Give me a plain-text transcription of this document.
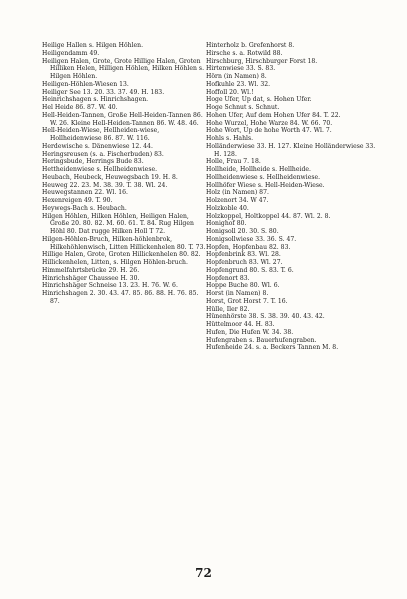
Heilige Hallen s. Hilgen Höhlen.
Heiligendamm 49.
Heiligen Halen, Grote, Grote Hillige Halen, Groten Hilliken Helen, Hilligen Höhlen, Hilken Höhlen s. Hilgen Höhlen.
Heiligen-Höhlen-Wiesen 13.
Heiliger See 13. 20. 33. 37. 49. H. 183.
Heinrichshagen s. Hinrichshagen.
Hel Heide 86. 87. W. 40.
Hell-Heiden-Tannen, Große Hell-Heiden-Tannen 86. W. 26. Kleine Hell-Heiden-Tannen 86. W. 48. 46.
Hell-Heiden-Wiese, Hellheiden-wiese, Hollheidenwiese 86. 87. W. 116.
Herdewische s. Dänenwiese 12. 44.
Heringsreusen (s. a. Fischerbuden) 83.
Heringsbude, Herrings Bude 83.
Hettheidenwiese s. Hellheidenwiese.
Heubach, Heubeck, Heuwegsbach 19. H. 8.
Heuweg 22. 23. M. 38. 39. T. 38. Wl. 24.
Heuwegstannen 22. Wl. 16.
Hexenreigen 49. T. 90.
Heywegs-Bach s. Heubach.
Hilgen Höhlen, Hilken Höhlen, Heiligen Halen, Große 20. 80. 82. M. 60. 61. T. 84. Rug Hilgen Höhl 80. Dat rugge Hilken Holl T 72.
Hilgen-Höhlen-Bruch, Hilken-höhlenbrok, Hilkehöhlenwisch, Litten Hillickenhelen 80. T. 73.
Hillige Halen, Grote, Groten Hillickenhelen 80. 82.
Hillickenhelen, Litten, s. Hilgen Höhlen-bruch.
Himmelfahrtsbrücke 29. H. 26.
Hinrichshäger Chaussee H. 30.
Hinrichshäger Schneise 13. 23. H. 76. W. 6.
Hinrichshagen 2. 30. 43. 47. 85. 86. 88. H. 76. 85. 87.
Hinterholz b. Grefenhorst 8.
Hirsche s. a. Rotwild 88.
Hirschburg, Hirschburger Forst 18.
Hirtenwiese 33. S. 83.
Hörn (in Namen) 8.
Hofkuhle 23. Wl. 32.
Hoffoll 20. Wl.!
Hoge Ufer, Up dat, s. Hohen Ufer.
Hoge Schnut s. Schnut.
Hohen Ufer, Auf dem Hohen Ufer 84. T. 22.
Hohe Wurzel, Hohe Warze 84. W. 66. 70.
Hohe Wort, Up de hohe Worth 47. Wl. 7.
Hohls s. Hahls.
Holländerwiese 33. H. 127. Kleine Holländerwiese 33. H. 128.
Holle, Frau 7. 18.
Hollheide, Hollheide s. Hellheide.
Hollheidenwiese s. Hellheidenwiese.
Hollhöfer Wiese s. Hell-Heiden-Wiese.
Holz (in Namen) 87.
Holzenort 34. W 47.
Holzkoble 40.
Holzkoppel, Holtkoppel 44. 87. Wl. 2. 8.
Honighof 80.
Honigsoll 20. 30. S. 80.
Honigsollwiese 33. 36. S. 47.
Hopfen, Hopfenbau 82. 83.
Hopfenbrink 83. Wl. 28.
Hopfenbruch 83. Wl. 27.
Hopfengrund 80. S. 83. T. 6.
Hopfenort 83.
Hoppe Buche 80. Wl. 6.
Horst (in Namen) 8.
Horst, Grot Horst 7. T. 16.
Hülle, Iler 82.
Hünenhörste 38. S. 38. 39. 40. 43. 42.
Hüttelmoor 44. H. 83.
Hufen, Die Hufen W. 34. 38.
Hufengraben s. Bauerhufengraben.
Hufenheide 24. s. a. Beckers Tannen M. 8.
72
